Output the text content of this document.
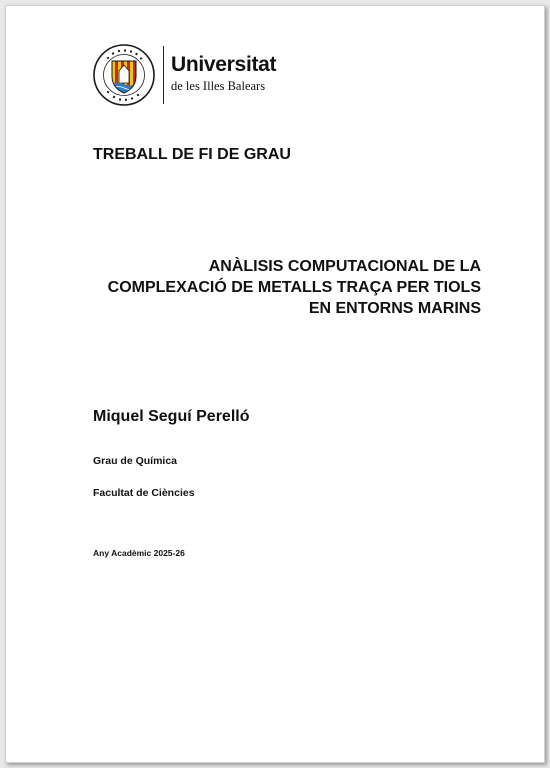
Universitat
de les Illes Balears
TREBALL DE FI DE GRAU
ANÀLISIS COMPUTACIONAL DE LA
COMPLEXACIÓ DE METALLS TRAÇA PER TIOLS
EN ENTORNS MARINS
Miquel Seguí Perelló
Grau de Química
Facultat de Ciències
Any Acadèmic 2025-26
